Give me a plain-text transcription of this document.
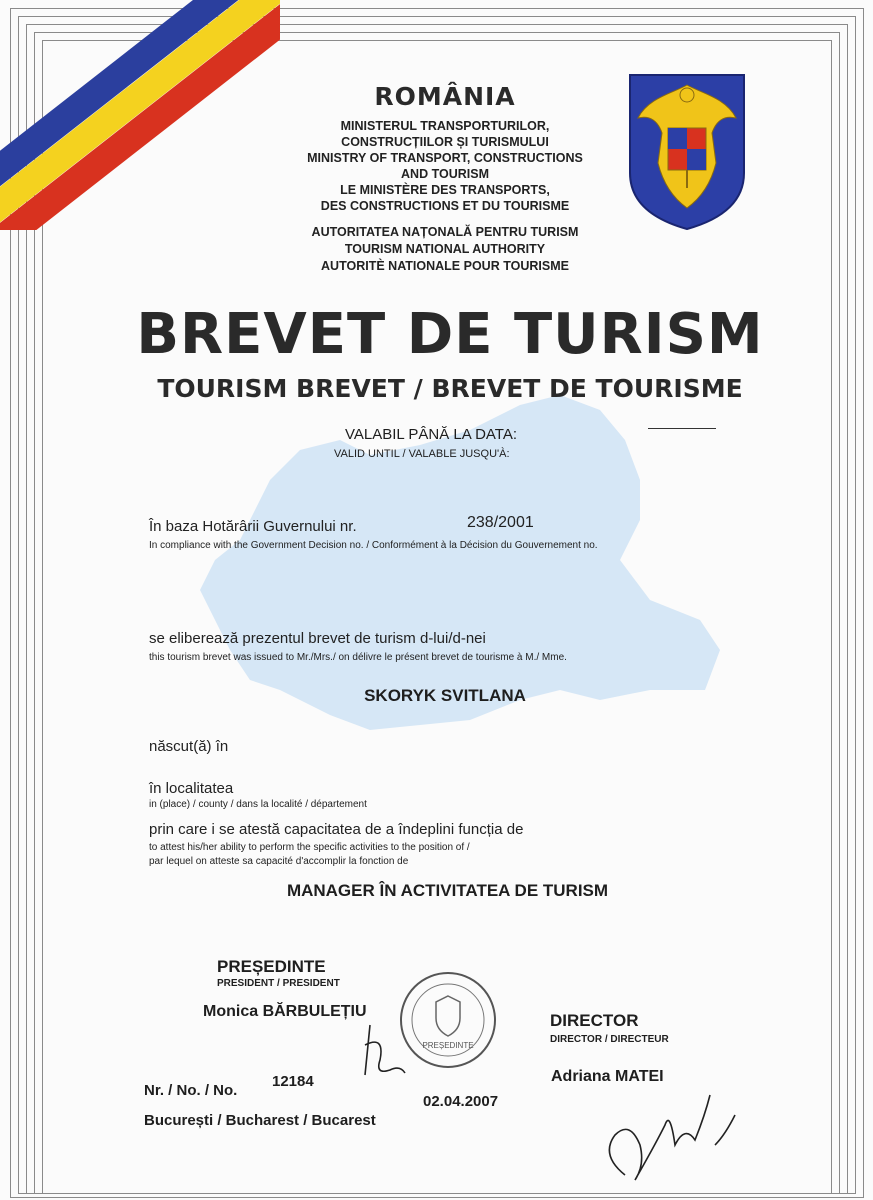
ROMÂNIA
MINISTERUL TRANSPORTURILOR,
CONSTRUCȚIILOR ȘI TURISMULUI
MINISTRY OF TRANSPORT, CONSTRUCTIONS
AND TOURISM
LE MINISTÈRE DES TRANSPORTS,
DES CONSTRUCTIONS ET DU TOURISME
AUTORITATEA NAȚONALĂ PENTRU TURISM
TOURISM NATIONAL AUTHORITY
AUTORITÈ NATIONALE POUR TOURISME
BREVET DE TURISM
TOURISM BREVET / BREVET DE TOURISME
VALABIL PÂNĂ LA DATA:
VALID UNTIL / VALABLE JUSQU'À:
În baza Hotărârii Guvernului nr.	238/2001
In compliance with the Government Decision no. / Conformément à la Décision du Gouvernement no.
se eliberează prezentul brevet de turism d-lui/d-nei
this tourism brevet was issued to Mr./Mrs./ on délivre le présent brevet de tourisme à M./ Mme.
SKORYK SVITLANA
născut(ă) în
în localitatea
in (place) / county / dans la localité / département
prin care i se atestă capacitatea de a îndeplini funcția de
to attest his/her ability to perform the specific activities to the position of /
par lequel on atteste sa capacité d'accomplir la fonction de
MANAGER ÎN ACTIVITATEA DE TURISM
PREȘEDINTE
PRESIDENT / PRESIDENT
Monica BĂRBULEȚIU	DIRECTOR
DIRECTOR / DIRECTEUR
Adriana MATEI
Nr. / No. / No.
12184
02.04.2007
București / Bucharest / Bucarest
PREȘEDINTE
